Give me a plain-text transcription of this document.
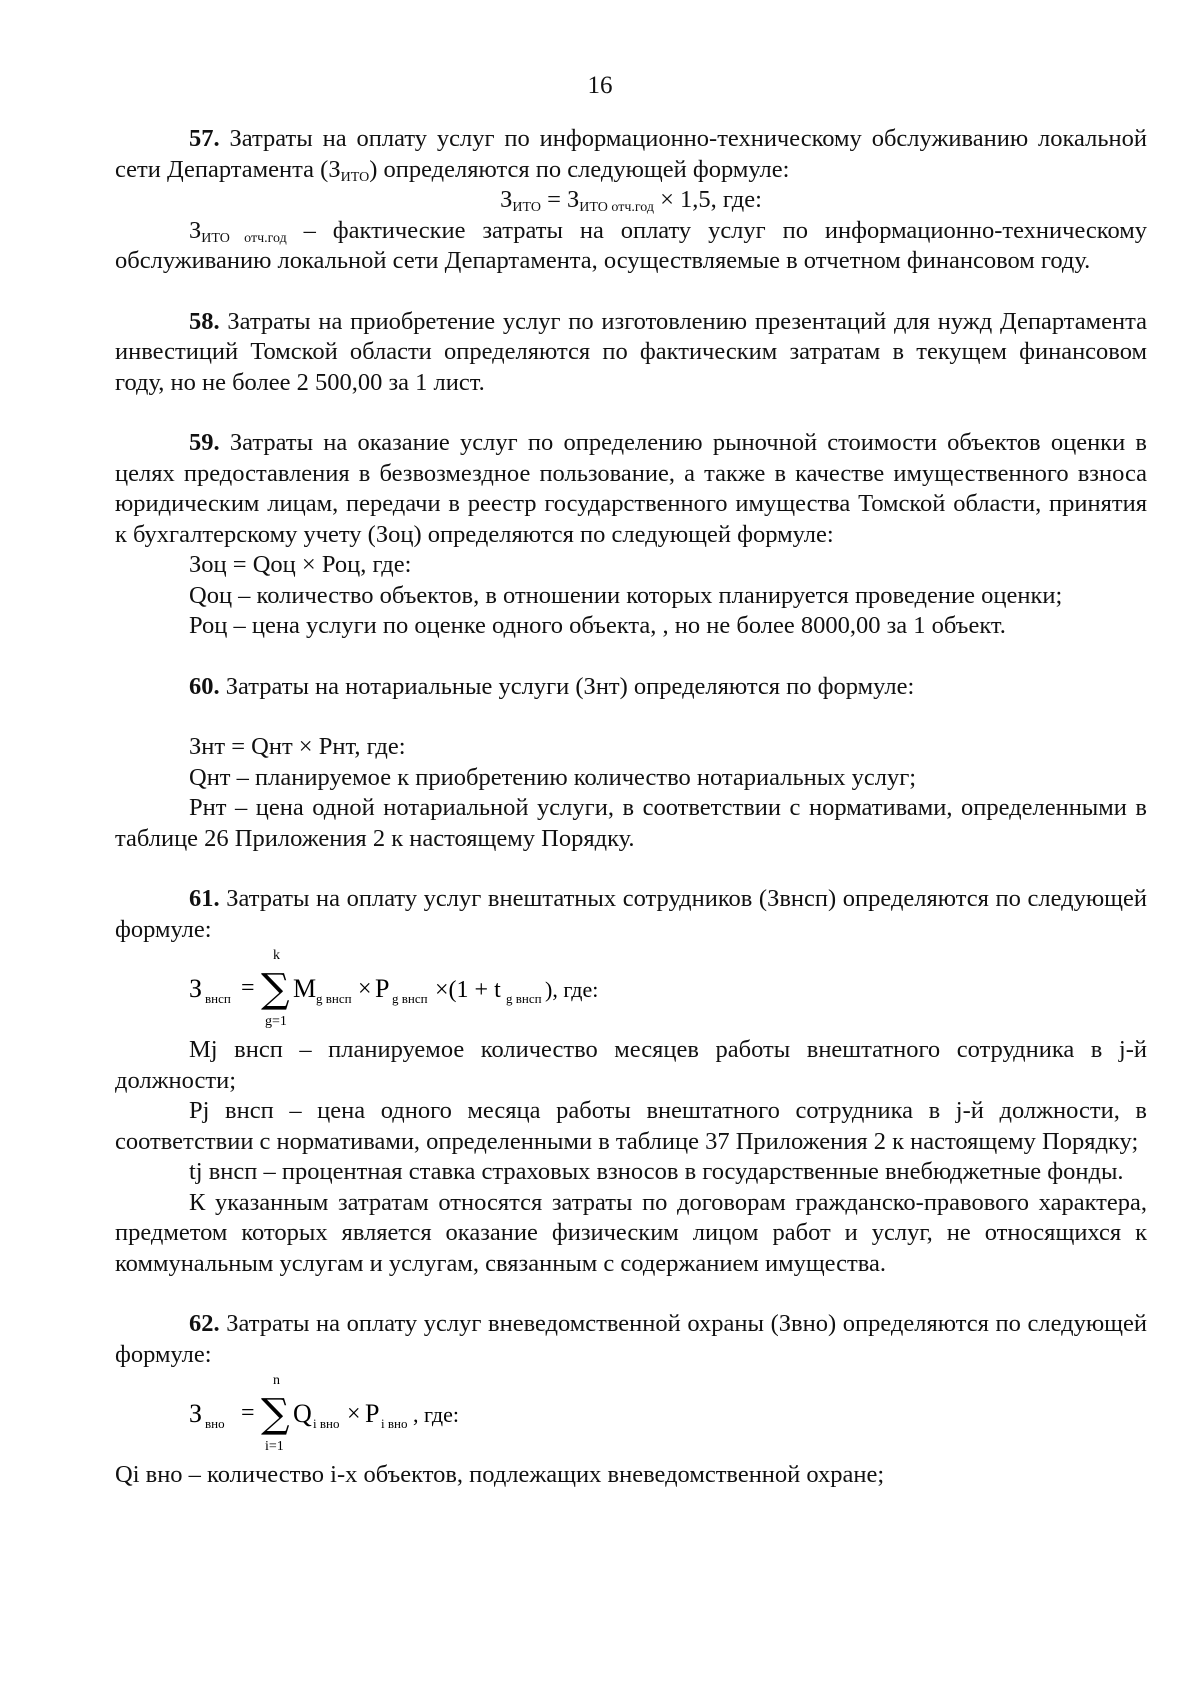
16

57. Затраты на оплату услуг по информационно-техническому обслуживанию локальной сети Департамента $(З_{ИТО})$ определяются по следующей формуле:

$З_{ИТО} = З_{ИТО отч.год} \times 1,5$, где:

$З_{ИТО отч.год}$ – фактические затраты на оплату услуг по информационно-техническому обслуживанию локальной сети Департамента, осуществляемые в отчетном финансовом году.

58. Затраты на приобретение услуг по изготовлению презентаций для нужд Департамента инвестиций Томской области определяются по фактическим затратам в текущем финансовом году, но не более 2 500,00 за 1 лист.

59. Затраты на оказание услуг по определению рыночной стоимости объектов оценки в целях предоставления в безвозмездное пользование, а также в качестве имущественного взноса юридическим лицам, передачи в реестр государственного имущества Томской области, принятия к бухгалтерскому учету (Зоц) определяются по следующей формуле:

Зоц = Qоц × Роц, где:

Qоц – количество объектов, в отношении которых планируется проведение оценки;

Роц – цена услуги по оценке одного объекта, , но не более 8000,00 за 1 объект.

60. Затраты на нотариальные услуги (Знт) определяются по формуле:

Знт = Qнт × Рнт, где:

Qнт – планируемое к приобретению количество нотариальных услуг;

Рнт – цена одной нотариальной услуги, в соответствии с нормативами, определенными в таблице 26 Приложения 2 к настоящему Порядку.

61. Затраты на оплату услуг внештатных сотрудников (Звнсп) определяются по следующей формуле:

З внсп = ∑
k
g=1
M g внсп × P g внсп ×(1 + t g внсп ), где:

Мj внсп – планируемое количество месяцев работы внештатного сотрудника в j-й должности;

Рj внсп – цена одного месяца работы внештатного сотрудника в j-й должности, в соответствии с нормативами, определенными в таблице 37 Приложения 2 к настоящему Порядку;

tj внсп – процентная ставка страховых взносов в государственные внебюджетные фонды.

К указанным затратам относятся затраты по договорам гражданско-правового характера, предметом которых является оказание физическим лицом работ и услуг, не относящихся к коммунальным услугам и услугам, связанным с содержанием имущества.

62. Затраты на оплату услуг вневедомственной охраны (Звно) определяются по следующей формуле:

З вно = ∑
n
i=1
Q i вно × P i вно , где:

Qi вно – количество i-х объектов, подлежащих вневедомственной охране;
